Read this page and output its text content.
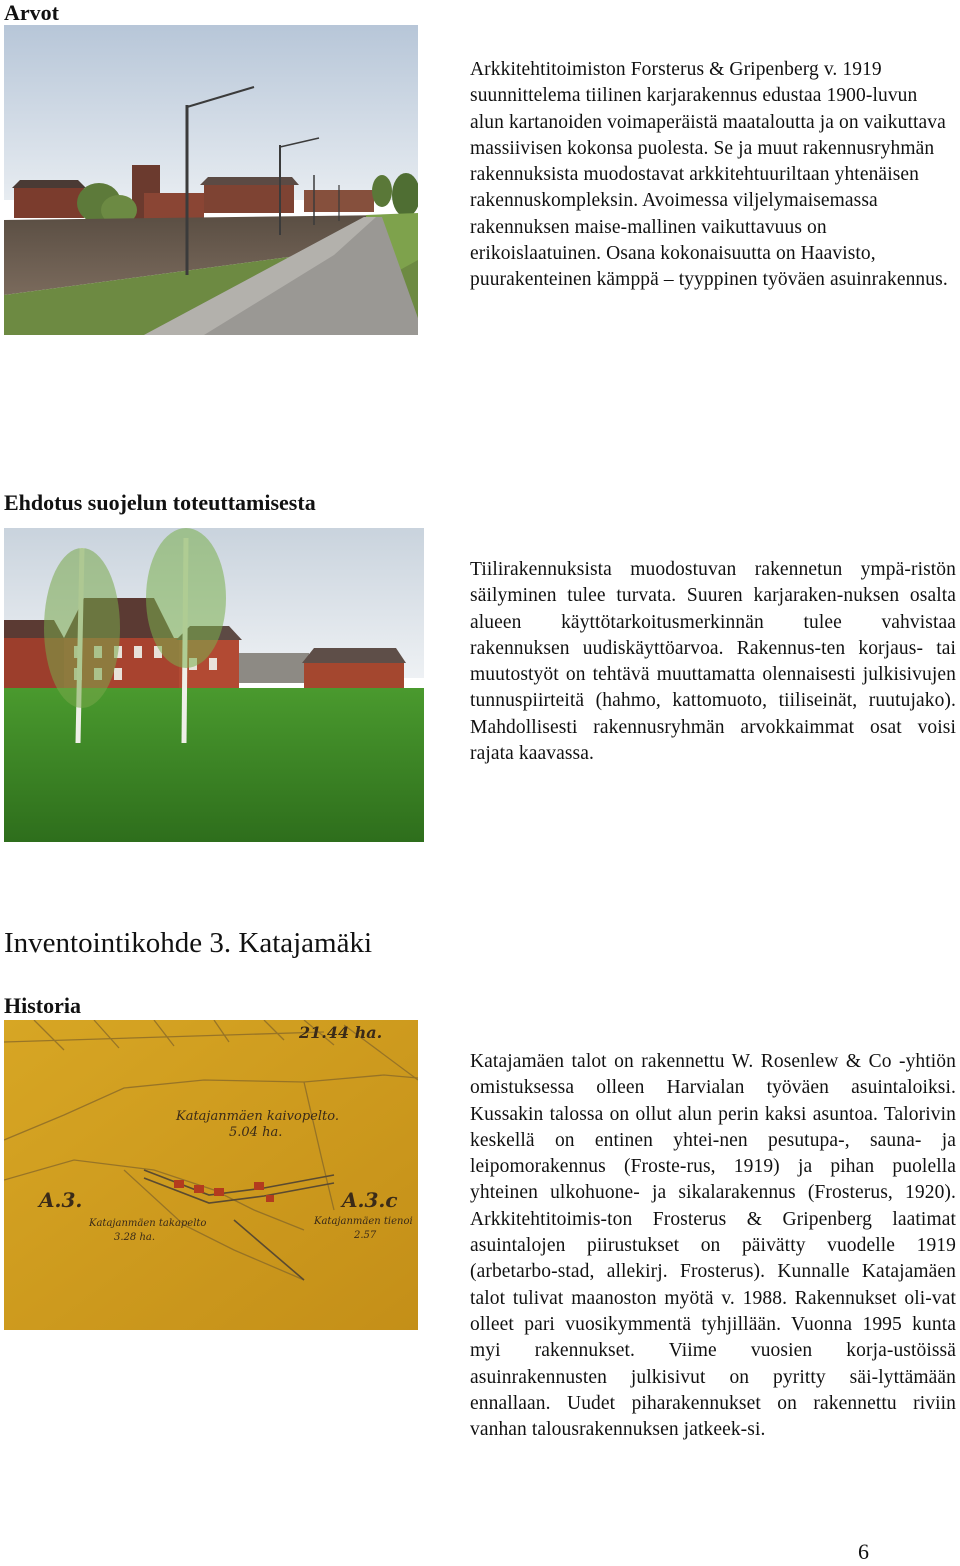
Arvot

Arkkitehtitoimiston Forsterus & Gripenberg v. 1919 suunnittelema tiilinen karjarakennus edustaa 1900-luvun alun kartanoiden voimaperäistä maataloutta ja on vaikuttava massiivisen kokonsa puolesta. Se ja muut rakennusryhmän rakennuksista muodostavat arkkitehtuuriltaan yhtenäisen rakennuskompleksin. Avoimessa viljelymaisemassa rakennuksen maise-mallinen vaikuttavuus on erikoislaatuinen. Osana kokonaisuutta on Haavisto, puurakenteinen kämppä – tyyppinen työväen asuinrakennus.

Ehdotus suojelun toteuttamisesta

Tiilirakennuksista muodostuvan rakennetun ympä-ristön säilyminen tulee turvata. Suuren karjaraken-nuksen osalta alueen käyttötarkoitusmerkinnän tulee vahvistaa rakennuksen uudiskäyttöarvoa. Rakennus-ten korjaus- tai muutostyöt on tehtävä muuttamatta olennaisesti julkisivujen tunnuspiirteitä (hahmo, kattomuoto, tiiliseinät, ruutujako). Mahdollisesti rakennusryhmän arvokkaimmat osat voisi rajata kaavassa.

Inventointikohde 3. Katajamäki
Historia
21.44 ha.
Katajanmäen kaivopelto.
5.04 ha.
A.3.
Katajanmäen takapelto
3.28 ha.
A.3.c
Katajanmäen tienoi
2.57

Katajamäen talot on rakennettu W. Rosenlew & Co -yhtiön omistuksessa olleen Harvialan työväen asuintaloiksi. Kussakin talossa on ollut alun perin kaksi asuntoa. Talorivin keskellä on entinen yhtei-nen pesutupa-, sauna- ja leipomorakennus (Froste-rus, 1919) ja pihan puolella yhteinen ulkohuone- ja sikalarakennus (Frosterus, 1920). Arkkitehtitoimis-ton Frosterus & Gripenberg laatimat asuintalojen piirustukset on päivätty vuodelle 1919 (arbetarbo-stad, allekirj. Frosterus). Kunnalle Katajamäen talot tulivat maanoston myötä v. 1988. Rakennukset oli-vat olleet pari vuosikymmentä tyhjillään. Vuonna 1995 kunta myi rakennukset. Viime vuosien korja-ustöissä asuinrakennusten julkisivut on pyritty säi-lyttämään ennallaan. Uudet piharakennukset on rakennettu riviin vanhan talousrakennuksen jatkeek-si.

6
